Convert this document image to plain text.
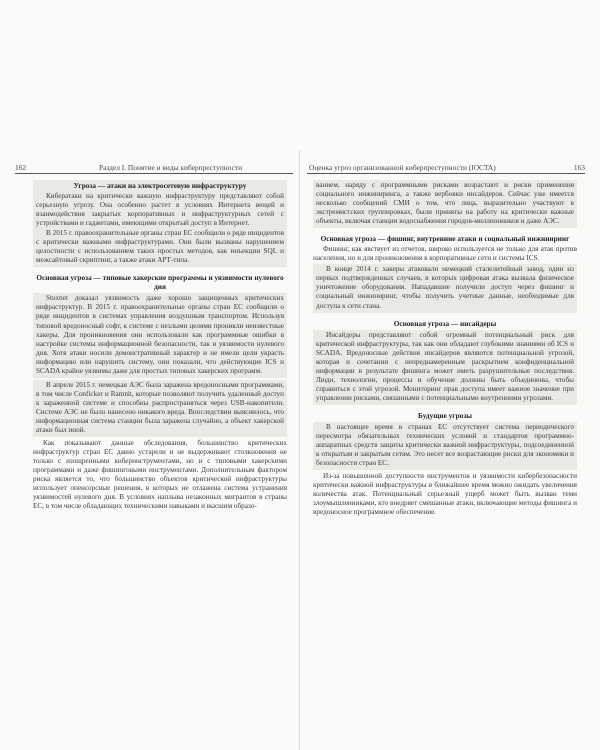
162	Раздел I. Понятие и виды киберпреступности

Угроза — атаки на электросетевую инфраструктуру

Кибератаки на критически важную инфраструктуру представляют собой серьезную угрозу. Она особенно растет в условиях Интернета вещей и взаимодействия закрытых корпоративных и инфраструктурных сетей с устройствами и гаджетами, имеющими открытый доступ в Интернет.

В 2015 г. правоохранительные органы стран ЕС сообщили о ряде инцидентов с критически важными инфраструктурами. Они были вызваны нарушением целостности с использованием таких простых методов, как инъекции SQL и межсайтовый скриптинг, а также атаки АРТ-типа.

Основная угроза — типовые хакерские программы и уязвимости нулевого дня

Stuxnet доказал уязвимость даже хорошо защищенных критических инфраструктур. В 2015 г. правоохранительные органы стран ЕС сообщили о ряде инцидентов в системах управления воздушным транспортом. Используя типовой вредоносный софт, к системе с незлыми целями проникли неизвестные хакеры. Для проникновения они использовали как программные ошибки в настройке системы информационной безопасности, так и уязвимости нулевого дня. Хотя атаки носили демонстративный характер и не имели цели украсть информацию или нарушить систему, они показали, что действующие ICS и SCADA крайне уязвимы даже для простых типовых хакерских программ.

В апреле 2015 г. немецкая АЭС была заражена вредоносными программами, в том числе Conficker и Ramnit, которые позволяют получить удаленный доступ к зараженной системе и способны распространяться через USB-накопители. Системе АЭС не было нанесено никакого вреда. Впоследствии выяснилось, что информационная система станции была заражена случайно, а объект хакерской атаки был иной.

Как показывают данные обследования, большинство критических инфраструктур стран ЕС давно устарели и не выдерживают столкновения не только с изощренными киберинструментами, но и с типовыми хакерскими программами и даже фишинговыми инструментами. Дополнительным фактором риска является то, что большинство объектов критической инфраструктуры использует опенсорсные решения, в которых не отлажена система устранения уязвимостей нулевого дня. В условиях наплыва незаконных мигрантов в страны ЕС, в том числе обладающих техническими навыками и высшим образо-

Оценка угроз организованной киберпреступности (IOCTA)	163

ванием, наряду с программными рисками возрастают и риски применения социального инжиниринга, а также вербовки инсайдеров. Сейчас уже имеется несколько сообщений СМИ о том, что лица, выразительно участвуют в экстремистских группировках, были приняты на работу на критически важные объекты, включая станции водоснабжения городов-миллионников и даже АЭС.

Основная угроза — фишинг, внутренние атаки и социальный инжиниринг

Фишинг, как явствует из отчетов, широко используется не только для атак против населения, но и для проникновения в корпоративные сети и системы ICS.

В конце 2014 г. хакеры атаковали немецкий сталелитейный завод, один из первых подтвержденных случаев, в которых цифровая атака вызвала физическое уничтожение оборудования. Нападавшие получили доступ через фишинг и социальный инжиниринг, чтобы получить учетные данные, необходимые для доступа к сети стана.

Основная угроза — инсайдеры

Инсайдеры представляют собой огромный потенциальный риск для критической инфраструктуры, так как они обладают глубокими знаниями об ICS и SCADA. Вредоносные действия инсайдеров являются потенциальной угрозой, которая и сочетании с непреднамеренным раскрытием конфиденциальной информации в результате фишинга может иметь разрушительные последствия. Люди, технологии, процессы и обучение должны быть объединены, чтобы справиться с этой угрозой. Мониторинг прав доступа имеет важное значение при управлении рисками, связанными с потенциальными внутренними угрозами.

Будущие угрозы

В настоящее время в странах ЕС отсутствует система периодического пересмотра обязательных технических условий и стандартов программно-аппаратных средств защиты критически важной инфраструктуры, подсоединенной к открытым и закрытым сетям. Это несет все возрастающие риски для экономики и безопасности стран ЕС.

Из-за повышенной доступности инструментов и уязвимости кибербезопасности критически важной инфраструктуры в ближайшее время можно ожидать увеличения количества атак. Потенциальный серьезный ущерб может быть вызван теми злоумышленниками, кто внедряет смешанные атаки, включающие методы фишинга и вредоносное программное обеспечение.
